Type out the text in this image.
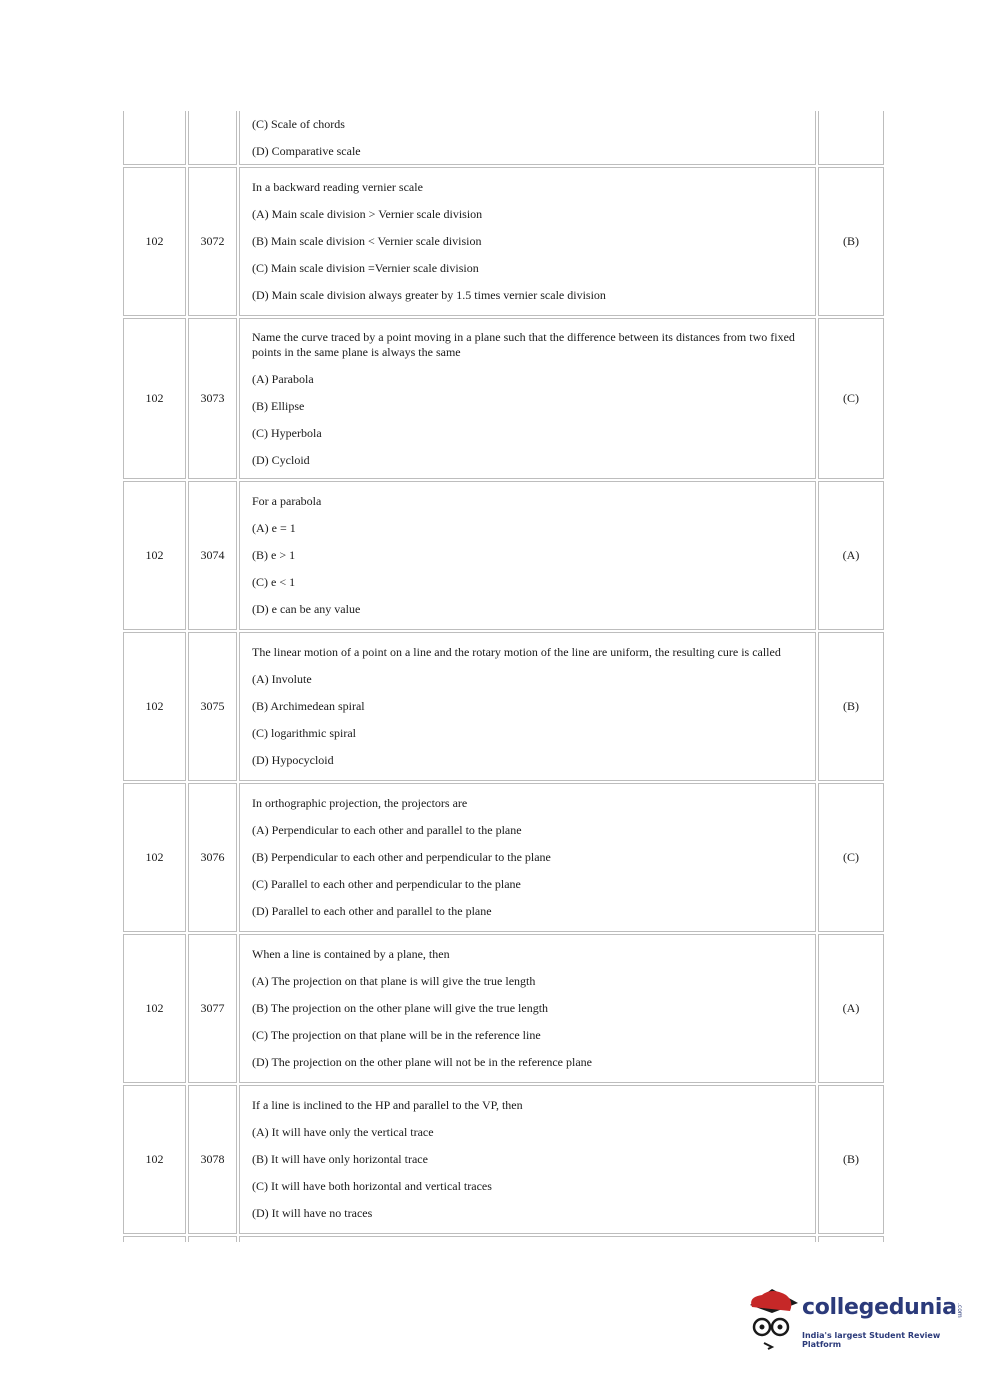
(C) Scale of chords
(D) Comparative scale
102	3072
In a backward reading vernier scale
(A) Main scale division > Vernier scale division
(B) Main scale division < Vernier scale division
(C) Main scale division =Vernier scale division
(D) Main scale division always greater by 1.5 times vernier scale division
(B)
102	3073
Name the curve traced by a point moving in a plane such that the difference between its distances from two fixed points in the same plane is always the same
(A) Parabola
(B) Ellipse
(C) Hyperbola
(D) Cycloid
(C)
102	3074
For a parabola
(A) e = 1
(B) e > 1
(C) e < 1
(D) e can be any value
(A)
102	3075
The linear motion of a point on a line and the rotary motion of the line are uniform, the resulting cure is called
(A) Involute
(B) Archimedean spiral
(C) logarithmic spiral
(D) Hypocycloid
(B)
102	3076
In orthographic projection, the projectors are
(A) Perpendicular to each other and parallel to the plane
(B) Perpendicular to each other and perpendicular to the plane
(C) Parallel to each other and perpendicular to the plane
(D) Parallel to each other and parallel to the plane
(C)
102	3077
When a line is contained by a plane, then
(A) The projection on that plane is will give the true length
(B) The projection on the other plane will give the true length
(C) The projection on that plane will be in the reference line
(D) The projection on the other plane will not be in the reference plane
(A)
102	3078
If a line is inclined to the HP and parallel to the VP, then
(A) It will have only the vertical trace
(B) It will have only horizontal trace
(C) It will have both horizontal and vertical traces
(D) It will have no traces
(B)
collegedunia .com
India's largest Student Review Platform
